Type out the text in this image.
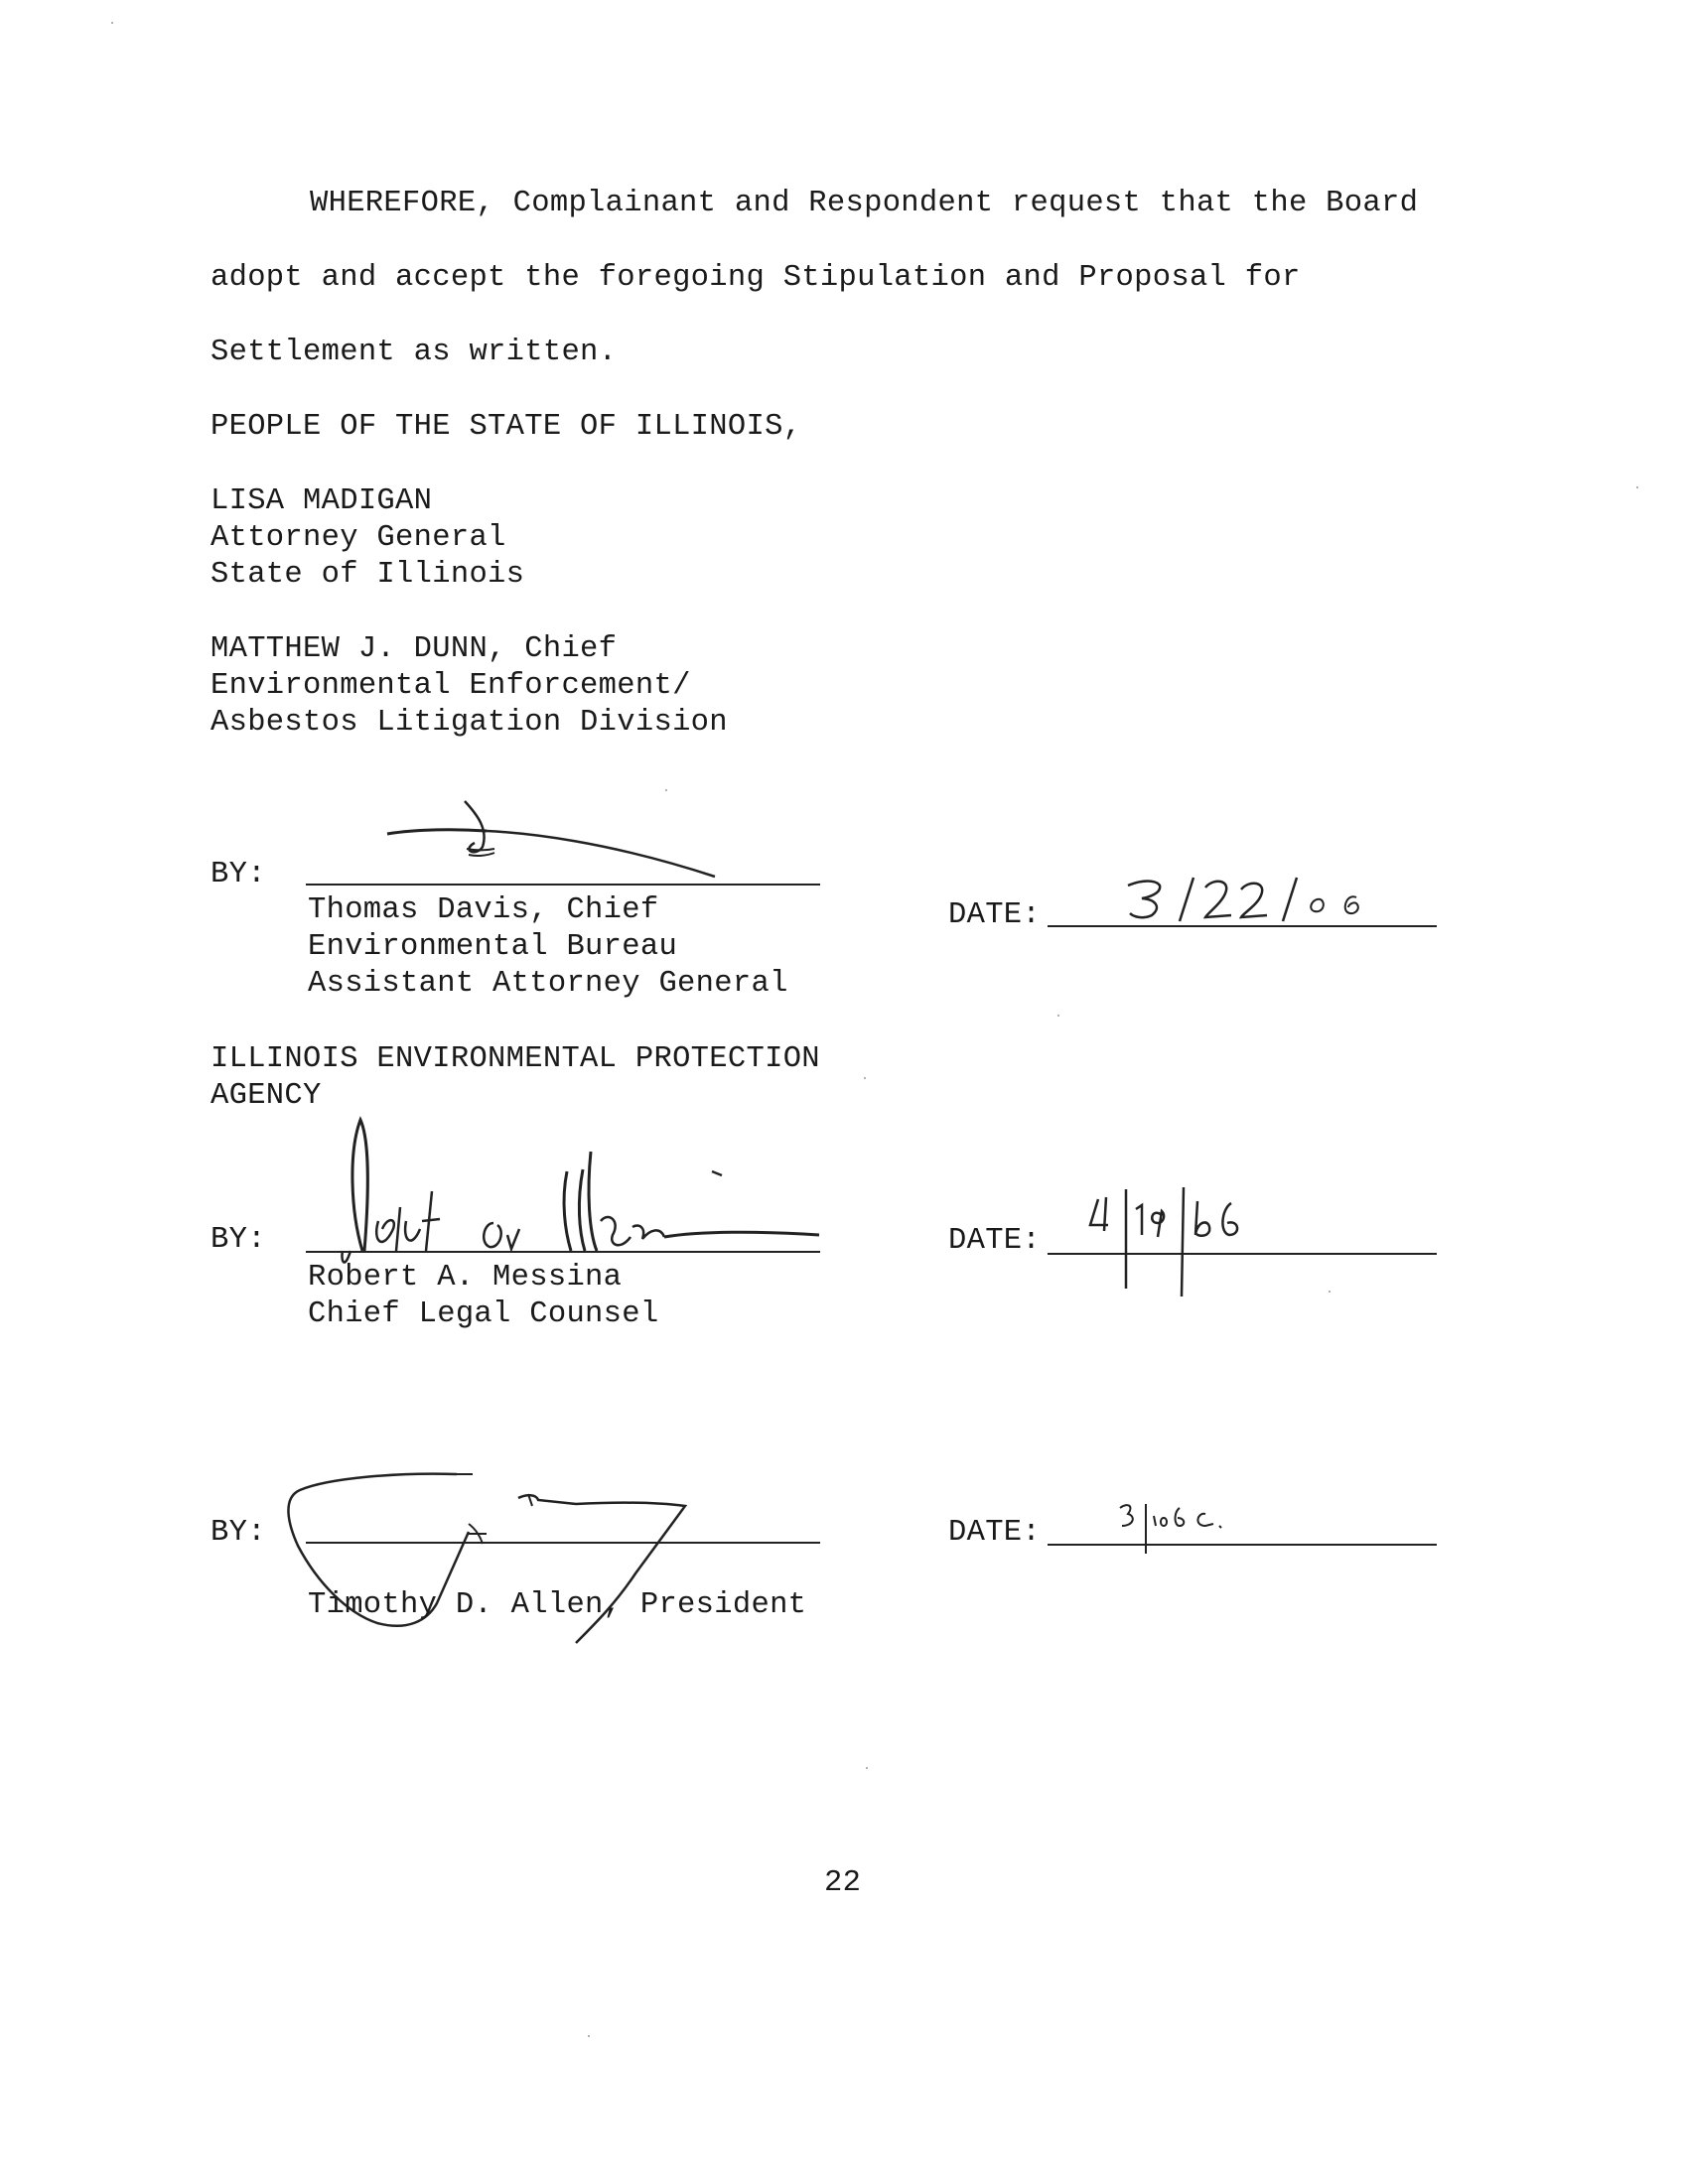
WHEREFORE, Complainant and Respondent request that the Board
adopt and accept the foregoing Stipulation and Proposal for
Settlement as written.
PEOPLE OF THE STATE OF ILLINOIS,
LISA MADIGAN
Attorney General
State of Illinois
MATTHEW J. DUNN, Chief
Environmental Enforcement/
Asbestos Litigation Division
BY:
Thomas Davis, Chief
Environmental Bureau
Assistant Attorney General
DATE:
ILLINOIS ENVIRONMENTAL PROTECTION
AGENCY
BY:
Robert A. Messina
Chief Legal Counsel
DATE:
BY:
Timothy D. Allen, President
DATE:
22
